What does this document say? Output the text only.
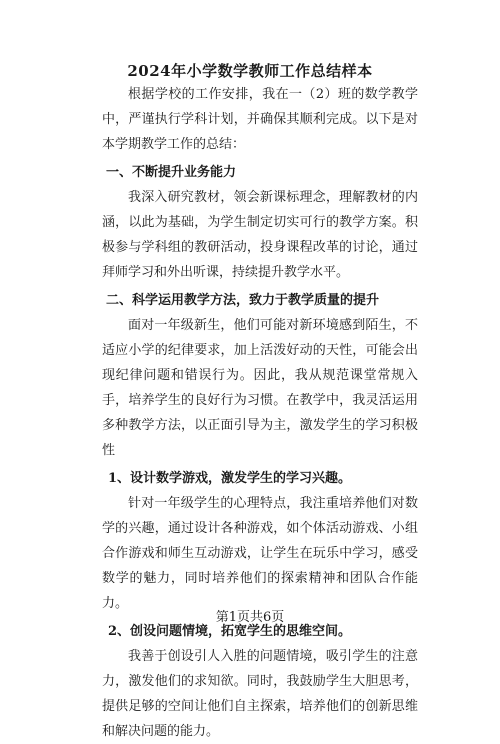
2024年小学数学教师工作总结样本

根据学校的工作安排，我在一（2）班的数学教学中，严谨执行学科计划，并确保其顺利完成。以下是对本学期教学工作的总结：

一、不断提升业务能力

我深入研究教材，领会新课标理念，理解教材的内涵，以此为基础，为学生制定切实可行的教学方案。积极参与学科组的教研活动，投身课程改革的讨论，通过拜师学习和外出听课，持续提升教学水平。

二、科学运用教学方法，致力于教学质量的提升

面对一年级新生，他们可能对新环境感到陌生，不适应小学的纪律要求，加上活泼好动的天性，可能会出现纪律问题和错误行为。因此，我从规范课堂常规入手，培养学生的良好行为习惯。在教学中，我灵活运用多种教学方法，以正面引导为主，激发学生的学习积极性

1、设计数学游戏，激发学生的学习兴趣。

针对一年级学生的心理特点，我注重培养他们对数学的兴趣，通过设计各种游戏，如个体活动游戏、小组合作游戏和师生互动游戏，让学生在玩乐中学习，感受数学的魅力，同时培养他们的探索精神和团队合作能力。

2、创设问题情境，拓宽学生的思维空间。

我善于创设引人入胜的问题情境，吸引学生的注意力，激发他们的求知欲。同时，我鼓励学生大胆思考，提供足够的空间让他们自主探索，培养他们的创新思维和解决问题的能力。

第1页共6页
